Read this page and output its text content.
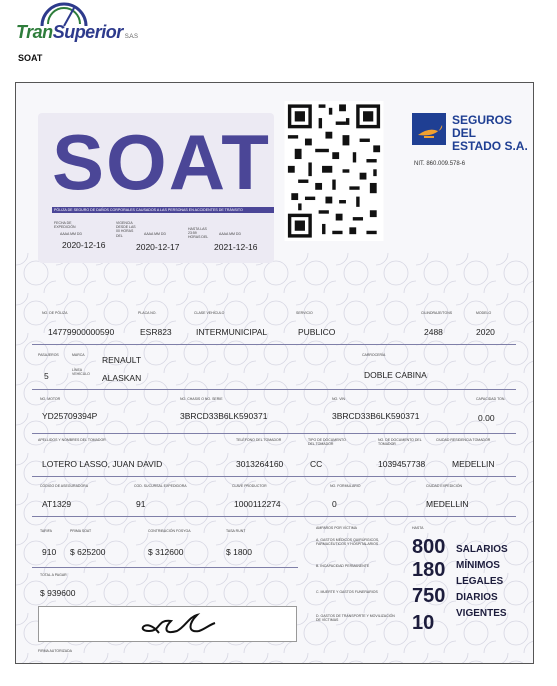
TranSuperior S.A.S
SOAT
SOAT
PÓLIZA DE SEGURO DE DAÑOS CORPORALES CAUSADOS A LAS PERSONAS EN ACCIDENTES DE TRÁNSITO
FECHA DE EXPEDICIÓN
AAAA MM DD
2020-12-16
VIGENCIA DESDE LAS 00 HORAS DEL	AAAA MM DD
2020-12-17
HASTA LAS 23:59 HORAS DEL
AAAA MM DD
2021-12-16
SEGUROS
DEL
ESTADO S.A.
NIT. 860.009.578-6
NO. DE PÓLIZA
14779900000590
PLACA NO.
ESR823
CLASE VEHÍCULO
INTERMUNICIPAL
SERVICIO
PUBLICO
CILINDRAJE/TONS
2488
MODELO
2020
PASAJEROS
5
MARCA RENAULT
LÍNEA VEHÍCULO	ALASKAN
CARROCERÍA
DOBLE CABINA
NO. MOTOR
YD25709394P
NO. CHASIS O NO. SERIE
3BRCD33B6LK590371
NO. VIN
3BRCD33B6LK590371
CAPACIDAD TON.
0.00
APELLIDOS Y NOMBRES DEL TOMADOR
LOTERO LASSO, JUAN DAVID
TELÉFONO DEL TOMADOR
3013264160
TIPO DE DOCUMENTO DEL TOMADOR
CC
NO. DE DOCUMENTO DEL TOMADOR
1039457738
CIUDAD RESIDENCIA TOMADOR
MEDELLIN
CÓDIGO DE ASEGURADORA
AT1329
COD. SUCURSAL EXPEDIDORA
91
CLAVE PRODUCTOR
1000112274
NO. FORMULARIO
0
CIUDAD EXPEDICIÓN
MEDELLIN
TARIFA
910
PRIMA SOAT
$ 625200
CONTRIBUCIÓN FOSYGA
$ 312600
TASA RUNT
$ 1800
TOTAL A PAGAR
$ 939600
FIRMA AUTORIZADA
AMPAROS POR VÍCTIMA	HASTA
A. GASTOS MÉDICOS QUIRÚRGICOS, FARMACÉUTICOS Y HOSPITALARIOS	800
B. INCAPACIDAD PERMANENTE	180
C. MUERTE Y GASTOS FUNERARIOS	750
D. GASTOS DE TRANSPORTE Y MOVILIZACIÓN DE VÍCTIMAS	10
SALARIOS
MÍNIMOS
LEGALES
DIARIOS
VIGENTES
